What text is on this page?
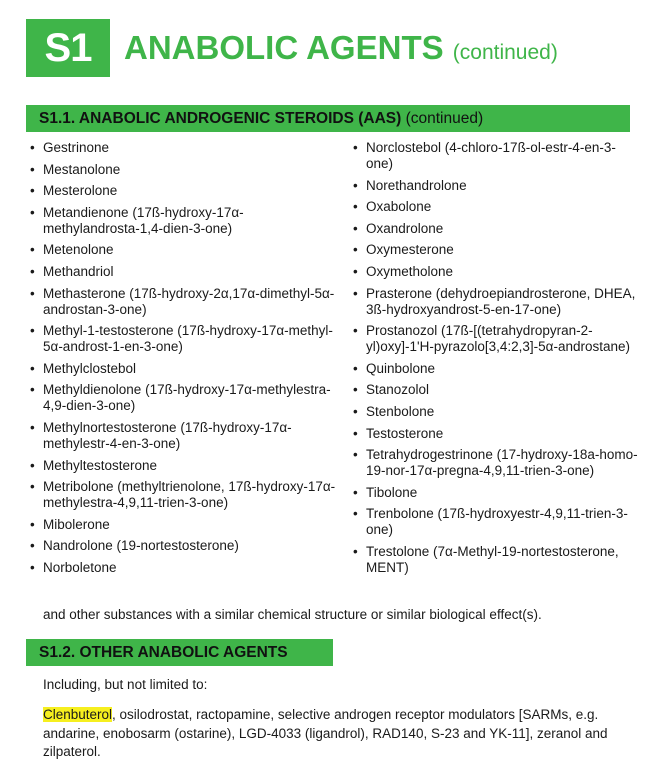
S1 ANABOLIC AGENTS (continued)
S1.1. ANABOLIC ANDROGENIC STEROIDS (AAS)
(continued)
• Gestrinone
• Mestanolone
• Mesterolone
• Metandienone (17ß-hydroxy-17α-methylandrostа-1,4-dien-3-one)
• Metenolone
• Methandriol
• Methasterone (17ß-hydroxy-2α,17α-dimethyl-5α-androstan-3-one)
• Methyl-1-testosterone (17ß-hydroxy-17α-methyl-5α-androst-1-en-3-one)
• Methylclostebol
• Methyldienolone (17ß-hydroxy-17α-methylestra-4,9-dien-3-one)
• Methylnortestosterone (17ß-hydroxy-17α-methylestr-4-en-3-one)
• Methyltestosterone
• Metribolone (methyltrienolone, 17ß-hydroxy-17α-methylestra-4,9,11-trien-3-one)
• Mibolerone
• Nandrolone (19-nortestosterone)
• Norboletone
• Norclostebol (4-chloro-17ß-ol-estr-4-en-3-one)
• Norethandrolone
• Oxabolone
• Oxandrolone
• Oxymesterone
• Oxymetholone
• Prasterone (dehydroepiandrosterone, DHEA, 3ß-hydroxyandrost-5-en-17-one)
• Prostanozol (17ß-[(tetrahydropyran-2-yl)oxy]-1'H-pyrazolo[3,4:2,3]-5α-androstane)
• Quinbolone
• Stanozolol
• Stenbolone
• Testosterone
• Tetrahydrogestrinone (17-hydroxy-18a-homo-19-nor-17α-pregna-4,9,11-trien-3-one)
• Tibolone
• Trenbolone (17ß-hydroxyestr-4,9,11-trien-3-one)
• Trestolone (7α-Methyl-19-nortestosterone, MENT)

and other substances with a similar chemical structure or similar biological effect(s).

S1.2. OTHER ANABOLIC AGENTS

Including, but not limited to:

Clenbuterol, osilodrostat, ractopamine, selective androgen receptor modulators [SARMs, e.g. andarine, enobosarm (ostarine), LGD-4033 (ligandrol), RAD140, S-23 and YK-11], zeranol and zilpaterol.
